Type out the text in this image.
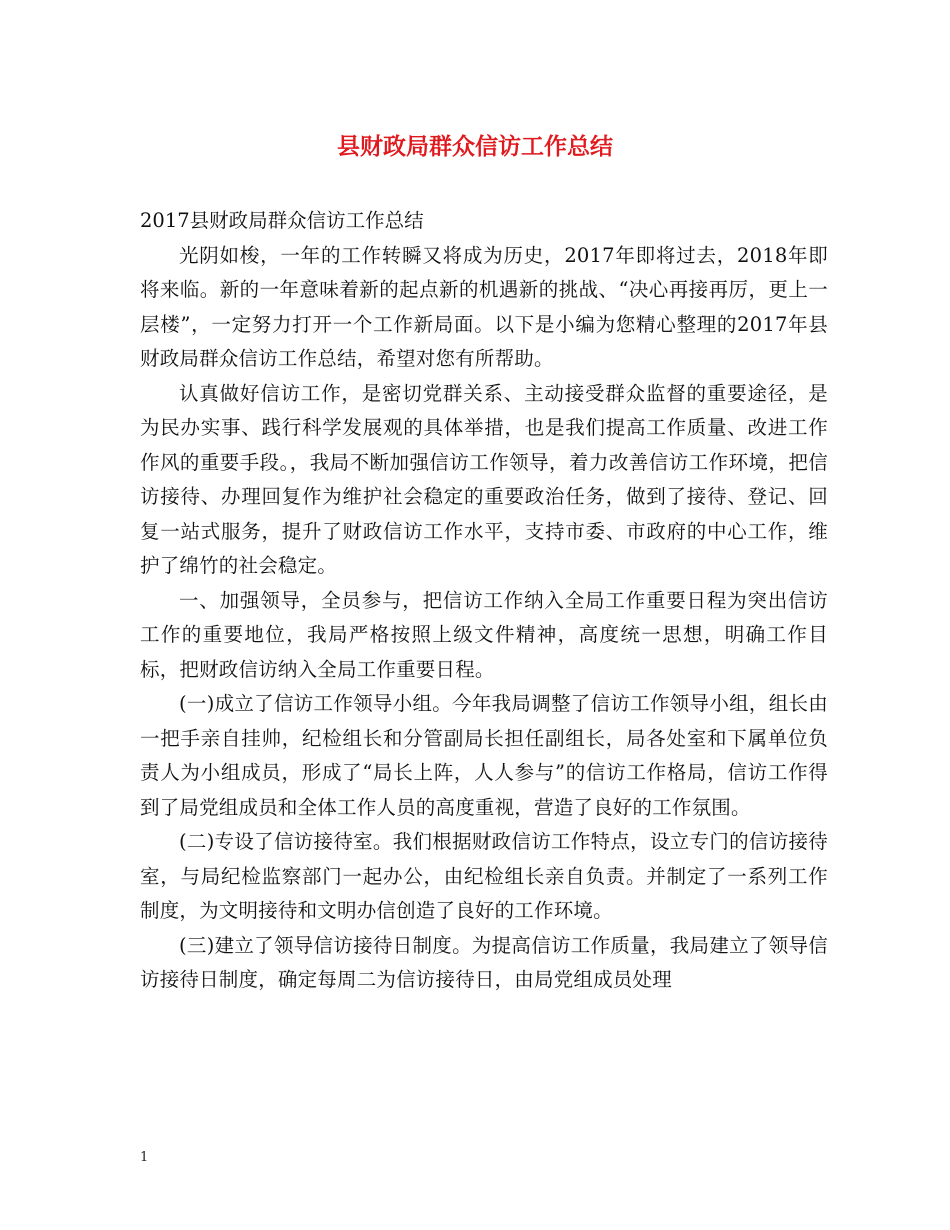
县财政局群众信访工作总结

2017县财政局群众信访工作总结

光阴如梭，一年的工作转瞬又将成为历史，2017年即将过去，2018年即将来临。新的一年意味着新的起点新的机遇新的挑战、“决心再接再厉，更上一层楼”，一定努力打开一个工作新局面。以下是小编为您精心整理的2017年县财政局群众信访工作总结，希望对您有所帮助。

认真做好信访工作，是密切党群关系、主动接受群众监督的重要途径，是为民办实事、践行科学发展观的具体举措，也是我们提高工作质量、改进工作作风的重要手段。，我局不断加强信访工作领导，着力改善信访工作环境，把信访接待、办理回复作为维护社会稳定的重要政治任务，做到了接待、登记、回复一站式服务，提升了财政信访工作水平，支持市委、市政府的中心工作，维护了绵竹的社会稳定。

一、加强领导，全员参与，把信访工作纳入全局工作重要日程为突出信访工作的重要地位，我局严格按照上级文件精神，高度统一思想，明确工作目标，把财政信访纳入全局工作重要日程。

(一)成立了信访工作领导小组。今年我局调整了信访工作领导小组，组长由一把手亲自挂帅，纪检组长和分管副局长担任副组长，局各处室和下属单位负责人为小组成员，形成了“局长上阵，人人参与”的信访工作格局，信访工作得到了局党组成员和全体工作人员的高度重视，营造了良好的工作氛围。

(二)专设了信访接待室。我们根据财政信访工作特点，设立专门的信访接待室，与局纪检监察部门一起办公，由纪检组长亲自负责。并制定了一系列工作制度，为文明接待和文明办信创造了良好的工作环境。

(三)建立了领导信访接待日制度。为提高信访工作质量，我局建立了领导信访接待日制度，确定每周二为信访接待日，由局党组成员处理

1
